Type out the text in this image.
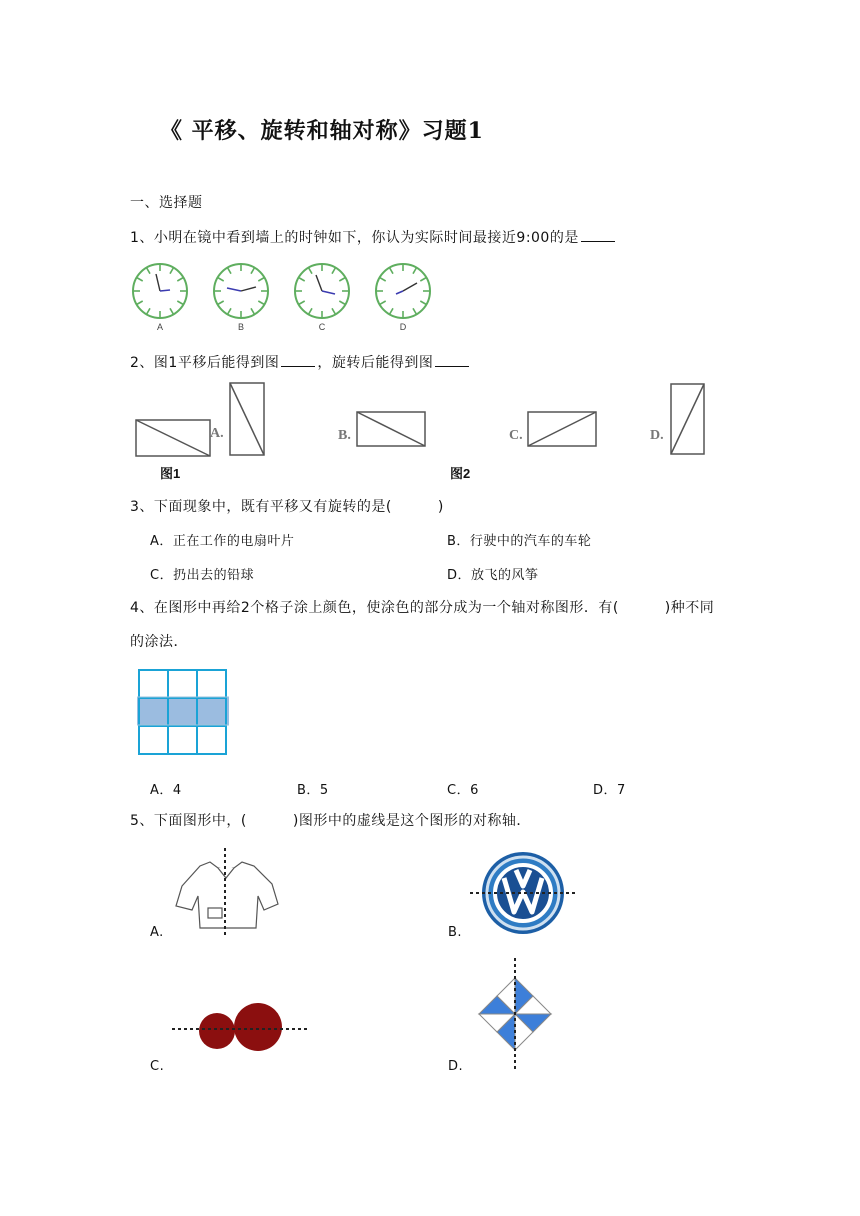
《 平移、旋转和轴对称》习题1
一、选择题
1、小明在镜中看到墙上的时钟如下，你认为实际时间最接近9:00的是
A	B	C	D
2、图1平移后能得到图	，旋转后能得到图
A.	B.	C.	D.
图1	图2
3、下面现象中，既有平移又有旋转的是(	)
A．正在工作的电扇叶片	B．行驶中的汽车的车轮
C．扔出去的铅球	D．放飞的风筝
4、在图形中再给2个格子涂上颜色，使涂色的部分成为一个轴对称图形．有(	)种不同
的涂法．
A．4	B．5	C．6	D．7
5、下面图形中，(	)图形中的虚线是这个图形的对称轴．
A.	B.
C.	D.
